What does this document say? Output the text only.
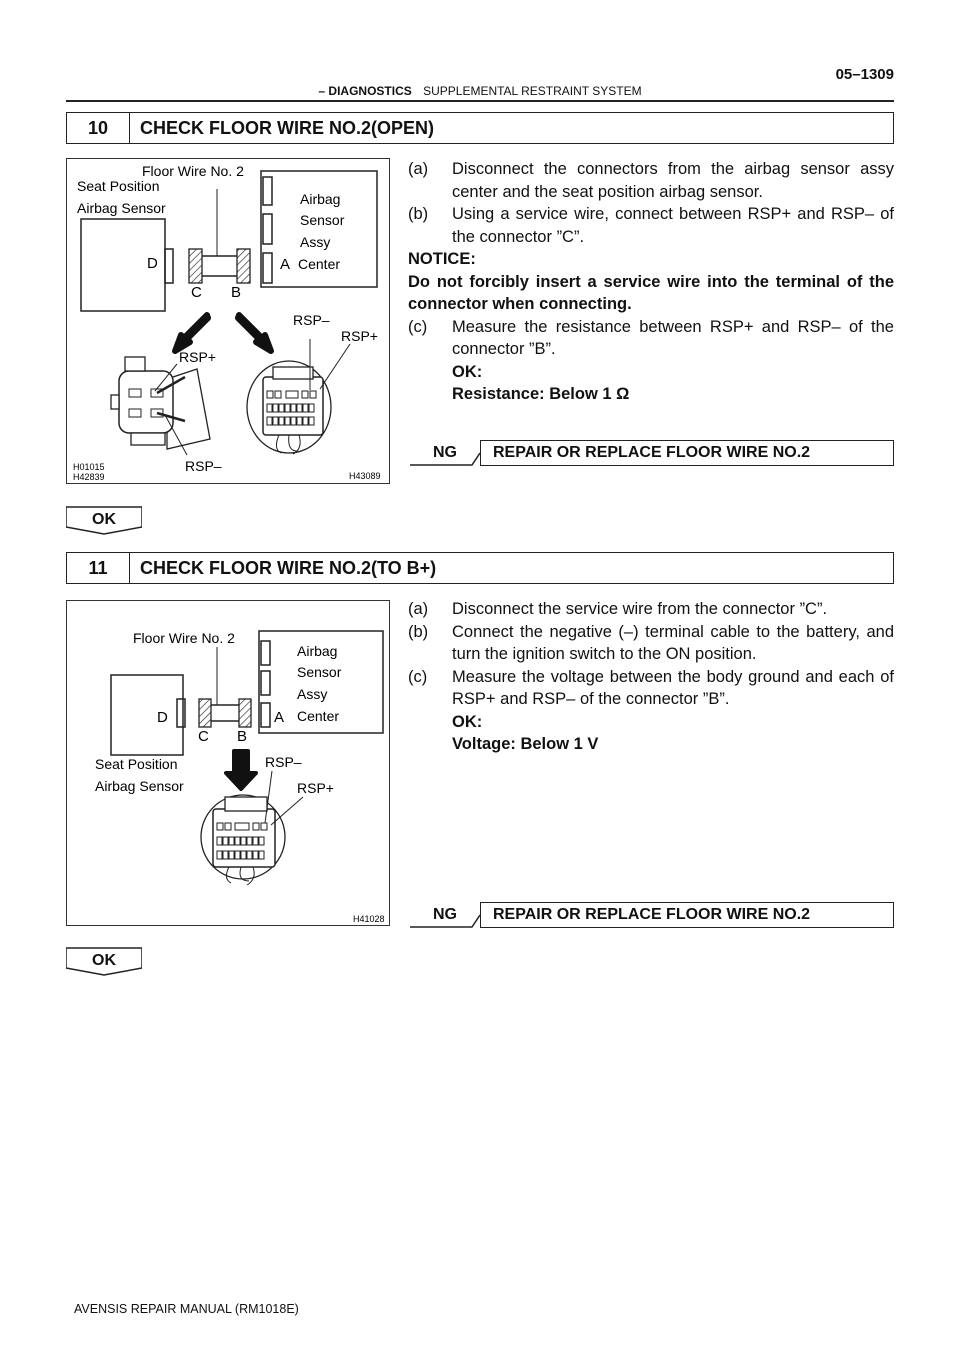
– DIAGNOSTICS SUPPLEMENTAL RESTRAINT SYSTEM
05–1309
10	CHECK FLOOR WIRE NO.2(OPEN)
Floor Wire No. 2
Seat Position
Airbag Sensor
Airbag
Sensor
Assy
Center
D
C B
A
RSP–
RSP+
RSP+
RSP–
H01015
H42839	H43089
(a)	Disconnect the connectors from the airbag sensor assy center and the seat position airbag sensor.
(b)	Using a service wire, connect between RSP+ and RSP– of the connector ”C”.
NOTICE:
Do not forcibly insert a service wire into the terminal of the connector when connecting.
(c)	Measure the resistance between RSP+ and RSP– of the connector ”B”.
OK:
Resistance: Below 1 Ω
NG	REPAIR OR REPLACE FLOOR WIRE NO.2
OK
11	CHECK FLOOR WIRE NO.2(TO B+)
Floor Wire No. 2
Airbag
Sensor
Assy
Center
D
C B
A
Seat Position
Airbag Sensor
RSP–
RSP+
H41028
(a)	Disconnect the service wire from the connector ”C”.
(b)	Connect the negative (–) terminal cable to the battery, and turn the ignition switch to the ON position.
(c)	Measure the voltage between the body ground and each of RSP+ and RSP– of the connector ”B”.
OK:
Voltage: Below 1 V
NG	REPAIR OR REPLACE FLOOR WIRE NO.2
OK
AVENSIS REPAIR MANUAL (RM1018E)
